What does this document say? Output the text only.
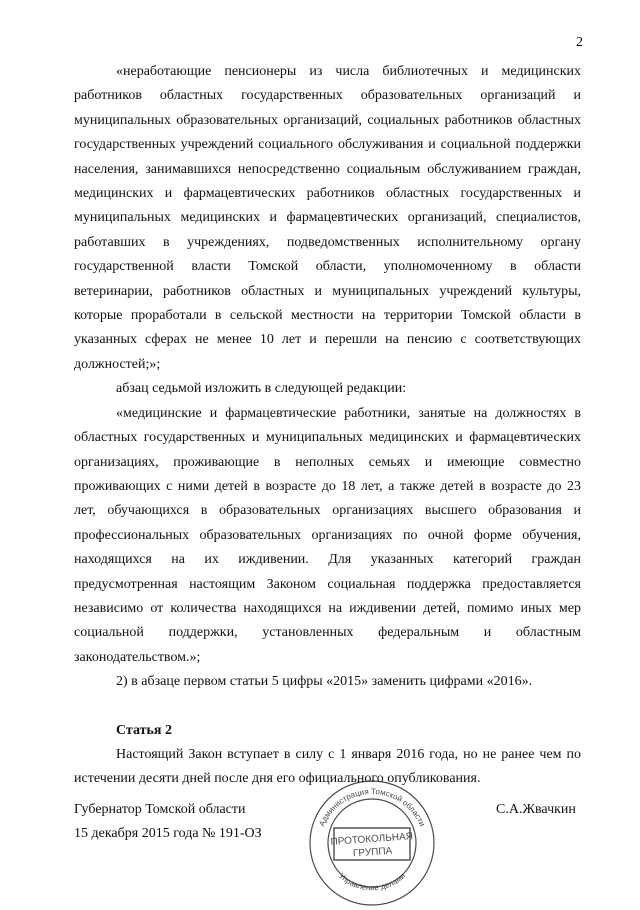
2

«неработающие пенсионеры из числа библиотечных и медицинских

работников областных государственных образовательных организаций и

муниципальных образовательных организаций, социальных работников областных

государственных учреждений социального обслуживания и социальной поддержки

населения, занимавшихся непосредственно социальным обслуживанием граждан,

медицинских и фармацевтических работников областных государственных и

муниципальных медицинских и фармацевтических организаций, специалистов,

работавших в учреждениях, подведомственных исполнительному органу

государственной власти Томской области, уполномоченному в области

ветеринарии, работников областных и муниципальных учреждений культуры,

которые проработали в сельской местности на территории Томской области в

указанных сферах не менее 10 лет и перешли на пенсию с соответствующих

должностей;»;

абзац седьмой изложить в следующей редакции:

«медицинские и фармацевтические работники, занятые на должностях в

областных государственных и муниципальных медицинских и фармацевтических

организациях, проживающие в неполных семьях и имеющие совместно

проживающих с ними детей в возрасте до 18 лет, а также детей в возрасте до 23

лет, обучающихся в образовательных организациях высшего образования и

профессиональных образовательных организациях по очной форме обучения,

находящихся на их иждивении. Для указанных категорий граждан

предусмотренная настоящим Законом социальная поддержка предоставляется

независимо от количества находящихся на иждивении детей, помимо иных мер

социальной поддержки, установленных федеральным и областным

законодательством.»;

2) в абзаце первом статьи 5 цифры «2015» заменить цифрами «2016».

Статья 2

Настоящий Закон вступает в силу с 1 января 2016 года, но не ранее чем по

истечении десяти дней после дня его официального опубликования.

Губернатор Томской области
15 декабря 2015 года № 191-ОЗ
С.А.Жвачкин
Администрация Томской области
Управление делами
ПРОТОКОЛЬНАЯ
ГРУППА
